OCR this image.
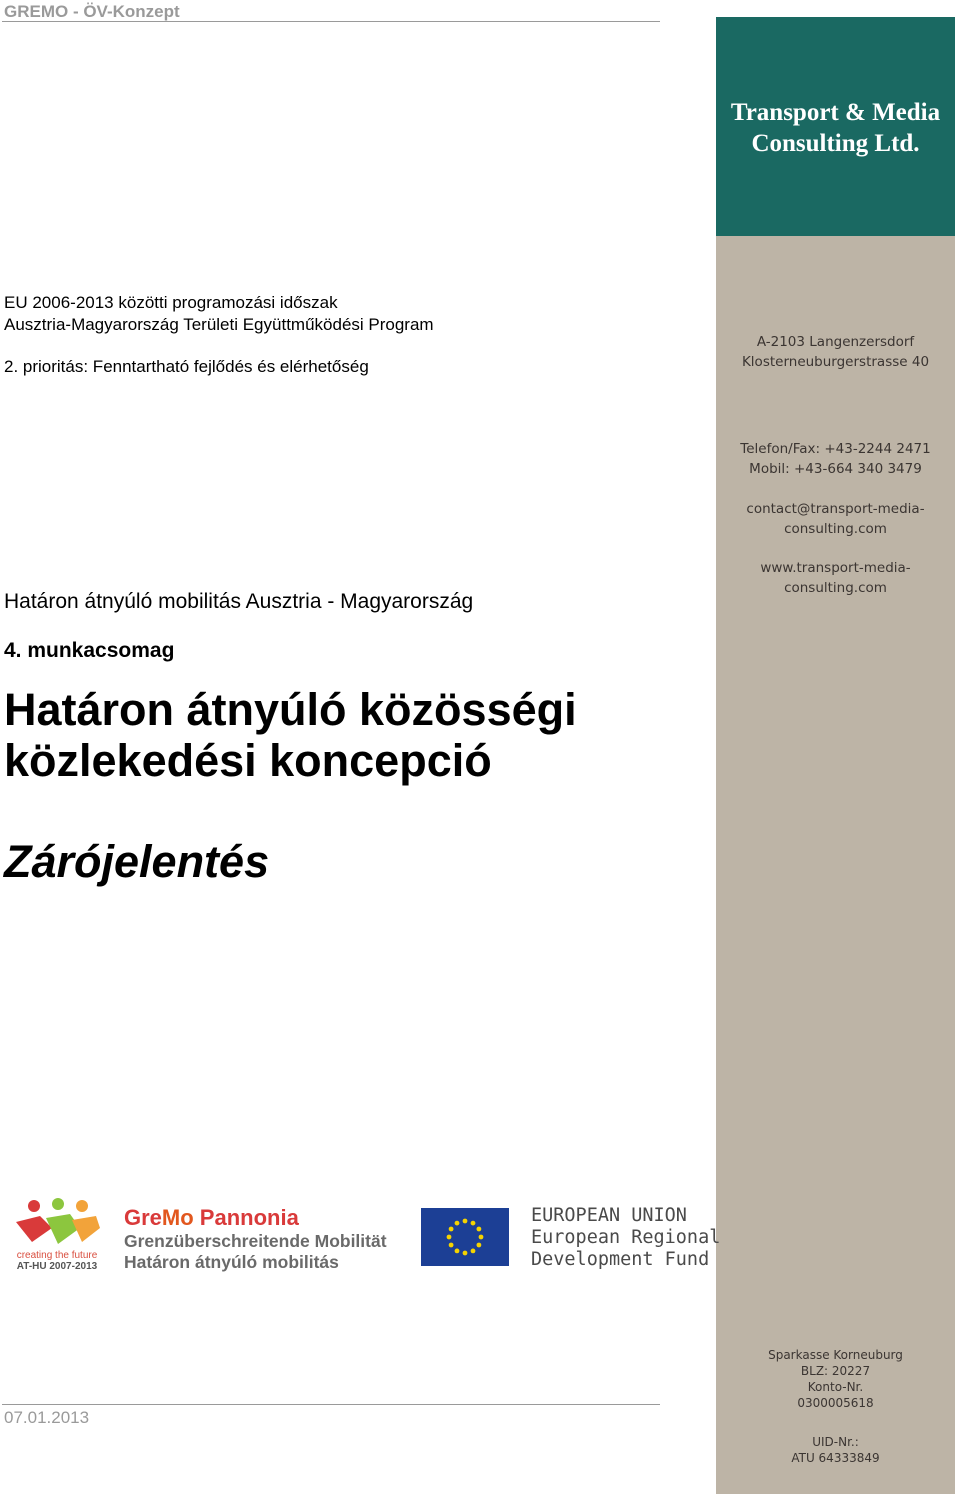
GREMO - ÖV-Konzept
EU 2006-2013 közötti programozási időszak
Ausztria-Magyarország Területi Együttműködési Program
2. prioritás: Fenntartható fejlődés és elérhetőség
Határon átnyúló mobilitás Ausztria - Magyarország
4. munkacsomag
Határon átnyúló közösségi
közlekedési koncepció
Zárójelentés
Transport & Media
Consulting Ltd.
A-2103 Langenzersdorf
Klosterneuburgerstrasse 40
Telefon/Fax: +43-2244 2471
Mobil: +43-664 340 3479
contact@transport-media-
consulting.com
www.transport-media-
consulting.com
Sparkasse Korneuburg
BLZ: 20227
Konto-Nr.
0300005618
UID-Nr.:
ATU 64333849
creating the future
AT-HU 2007-2013
GreMo Pannonia
Grenzüberschreitende Mobilität
Határon átnyúló mobilitás
EUROPEAN UNION
European Regional
Development Fund
07.01.2013
